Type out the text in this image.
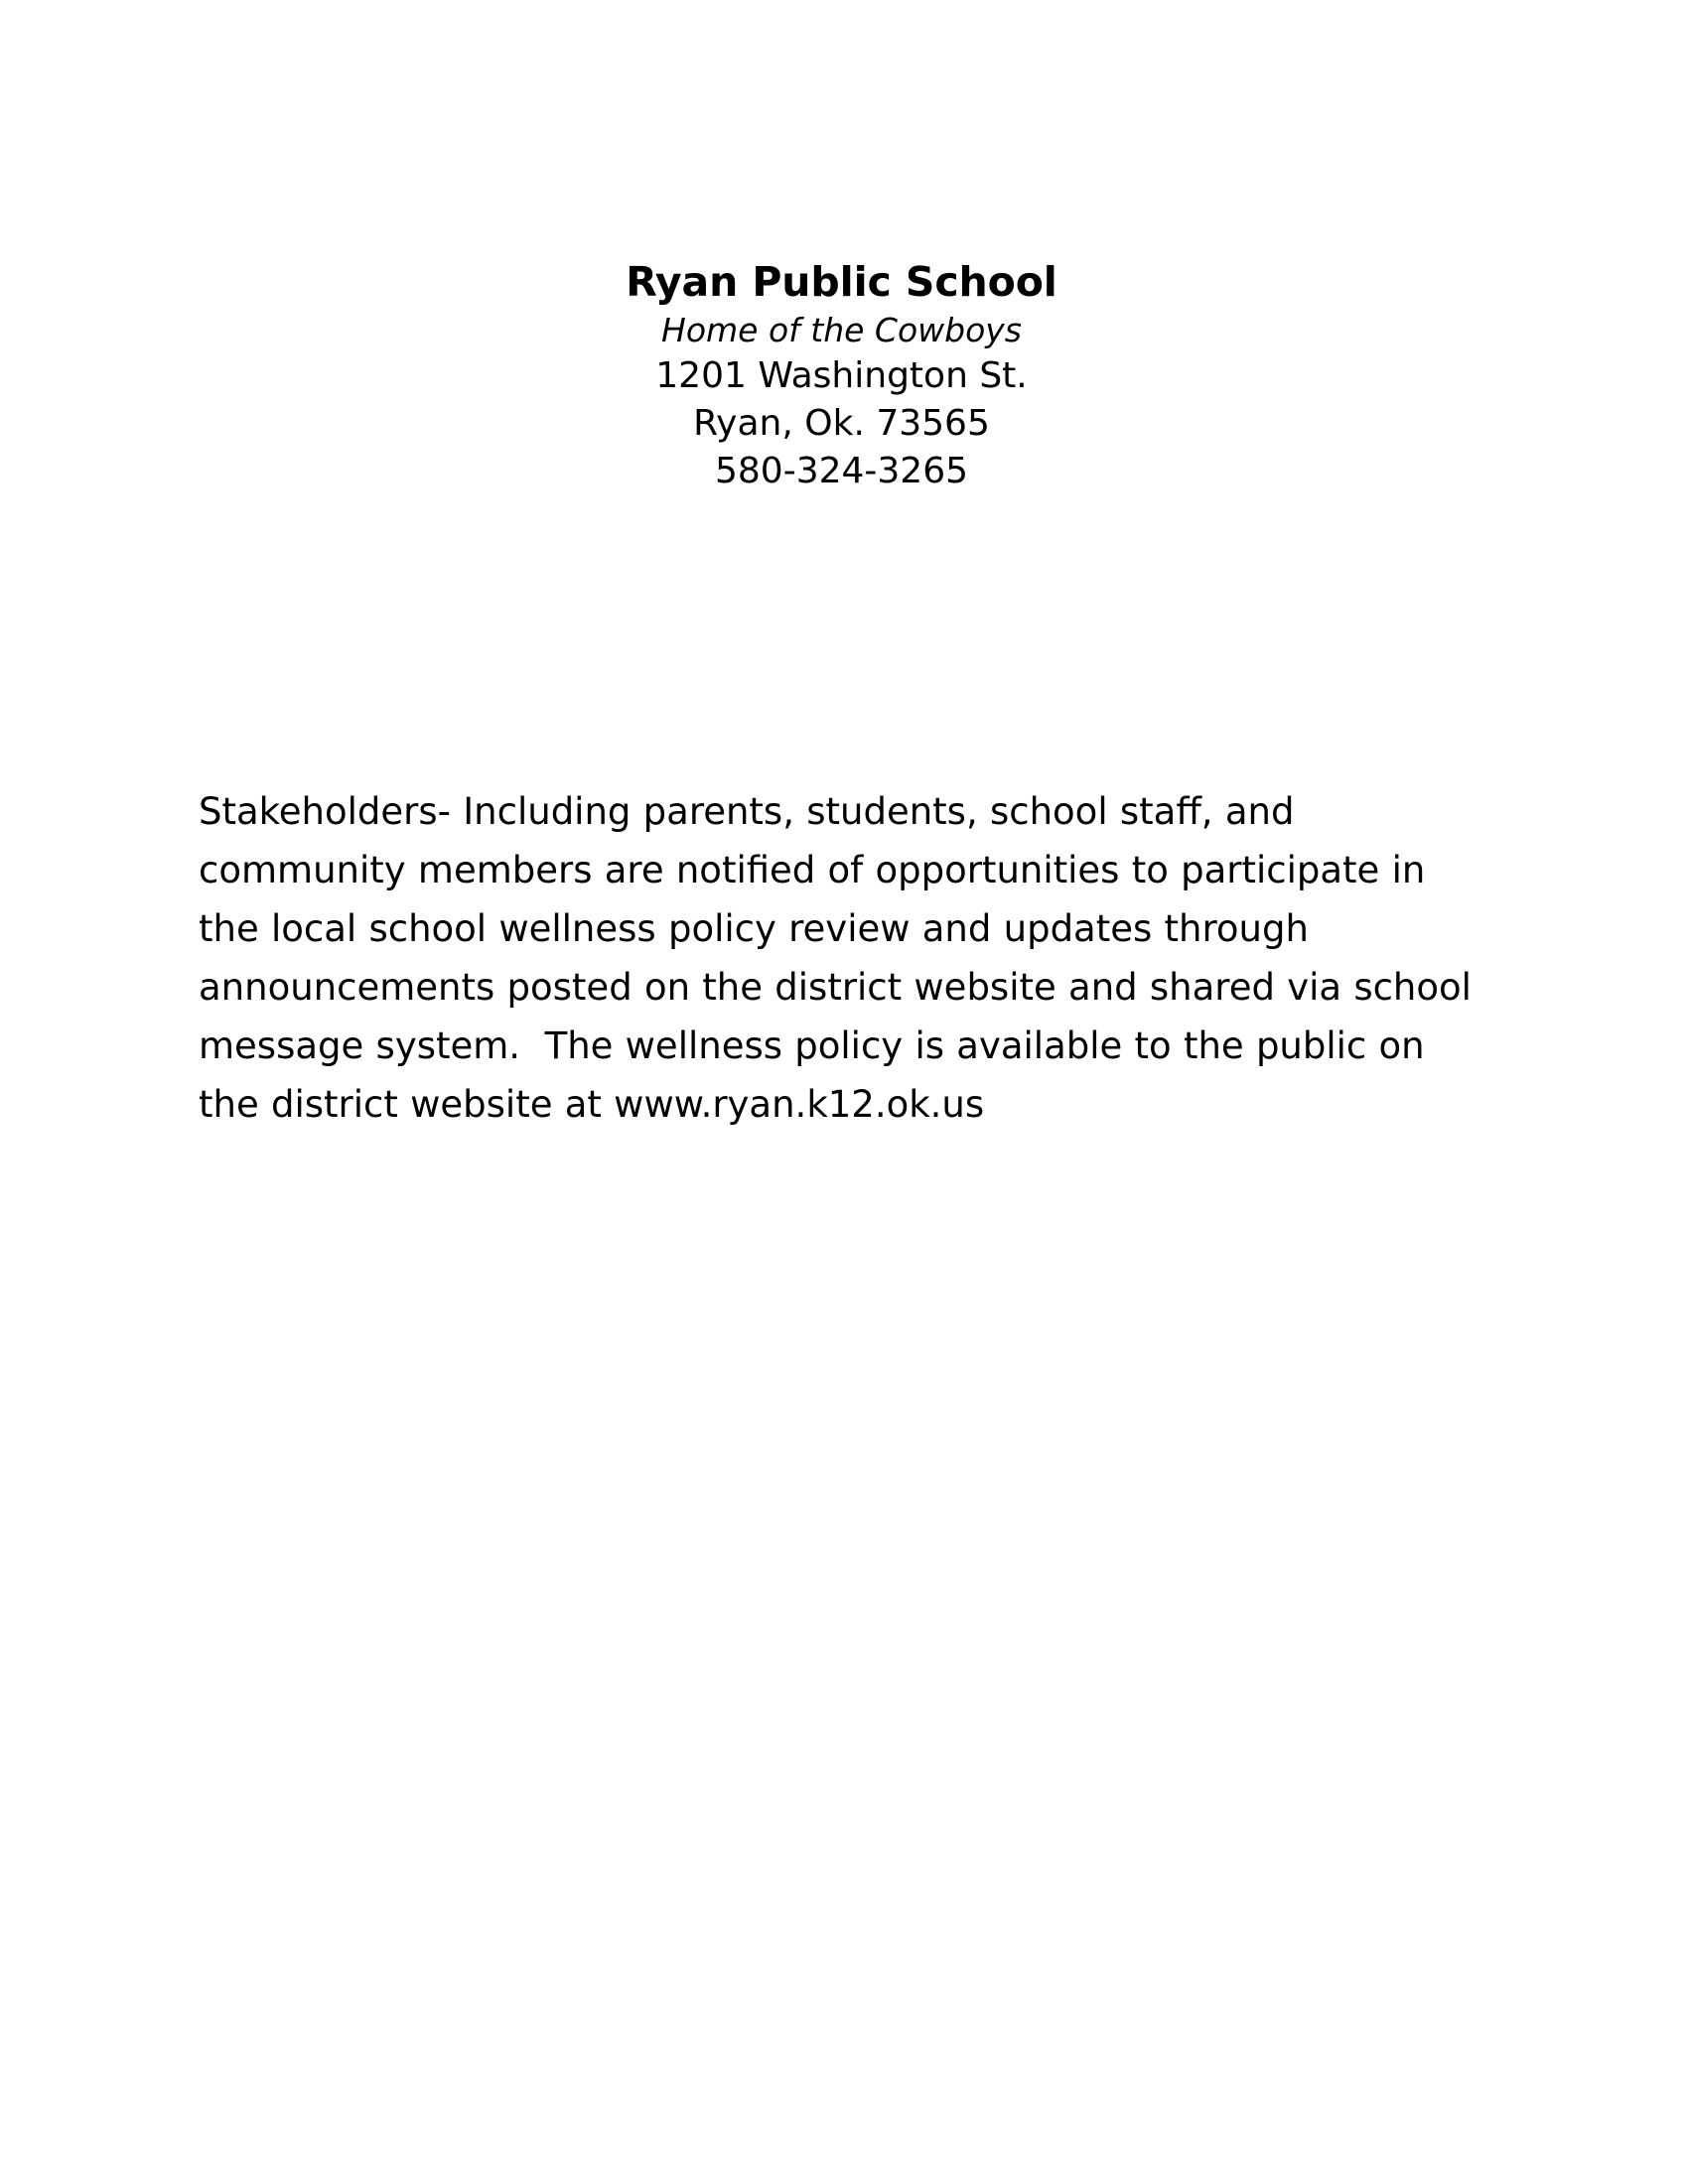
Ryan Public School
Home of the Cowboys
1201 Washington St.
Ryan, Ok. 73565
580-324-3265

Stakeholders- Including parents, students, school staff, and community members are notified of opportunities to participate in the local school wellness policy review and updates through announcements posted on the district website and shared via school message system.  The wellness policy is available to the public on the district website at www.ryan.k12.ok.us
